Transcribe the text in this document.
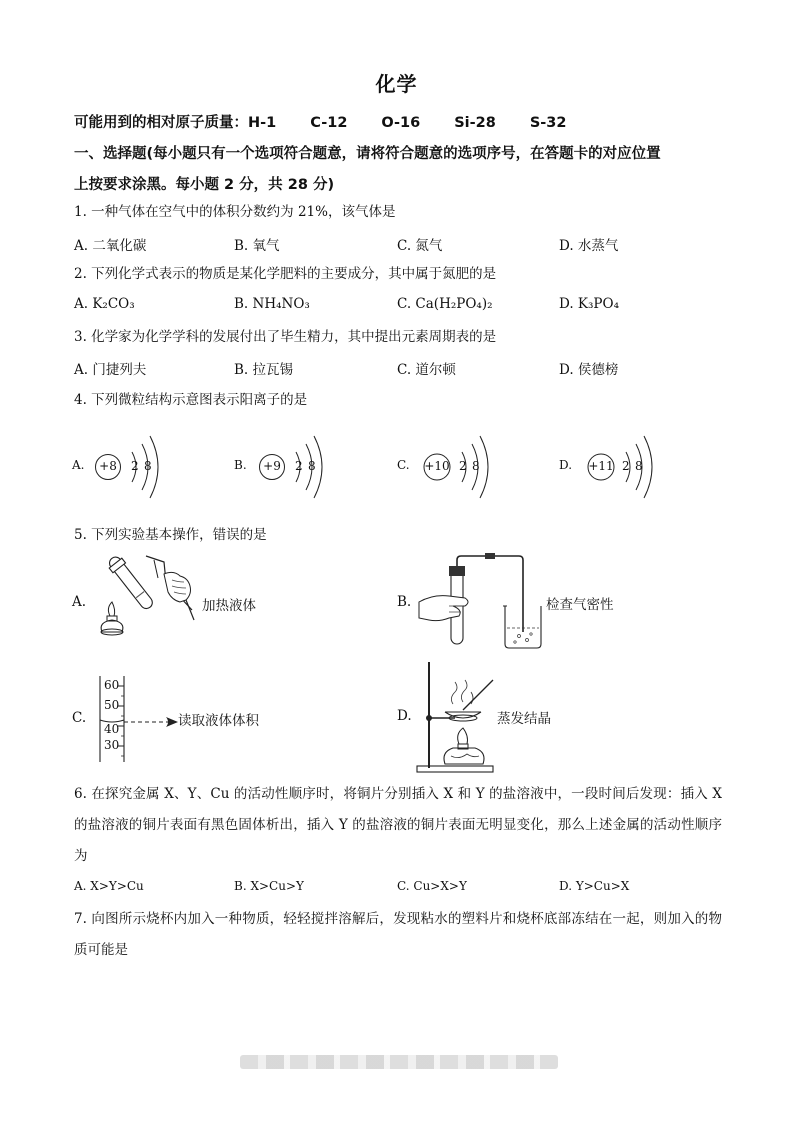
化学
可能用到的相对原子质量：H-1 C-12 O-16 Si-28 S-32
一、选择题(每小题只有一个选项符合题意，请将符合题意的选项序号，在答题卡的对应位置
上按要求涂黑。每小题 2 分，共 28 分)
1. 一种气体在空气中的体积分数约为 21%，该气体是
A. 二氧化碳	B. 氧气	C. 氮气	D. 水蒸气
2. 下列化学式表示的物质是某化学肥料的主要成分，其中属于氮肥的是
A. K₂CO₃	B. NH₄NO₃	C. Ca(H₂PO₄)₂	D. K₃PO₄
3. 化学家为化学学科的发展付出了毕生精力，其中提出元素周期表的是
A. 门捷列夫	B. 拉瓦锡	C. 道尔顿	D. 侯德榜
4. 下列微粒结构示意图表示阳离子的是
A. +8 2 8	B. +9 2 8	C. +10 2 8	D. +11 2 8
5. 下列实验基本操作，错误的是
A.	加热液体	B.	检查气密性
C.
60
50
40
30
读取液体体积	D.	蒸发结晶
6. 在探究金属 X、Y、Cu 的活动性顺序时，将铜片分别插入 X 和 Y 的盐溶液中，一段时间后发现：插入 X 的盐溶液的铜片表面有黑色固体析出，插入 Y 的盐溶液的铜片表面无明显变化，那么上述金属的活动性顺序为
A. X>Y>Cu	B. X>Cu>Y	C. Cu>X>Y	D. Y>Cu>X
7. 向图所示烧杯内加入一种物质，轻轻搅拌溶解后，发现粘水的塑料片和烧杯底部冻结在一起，则加入的物质可能是
